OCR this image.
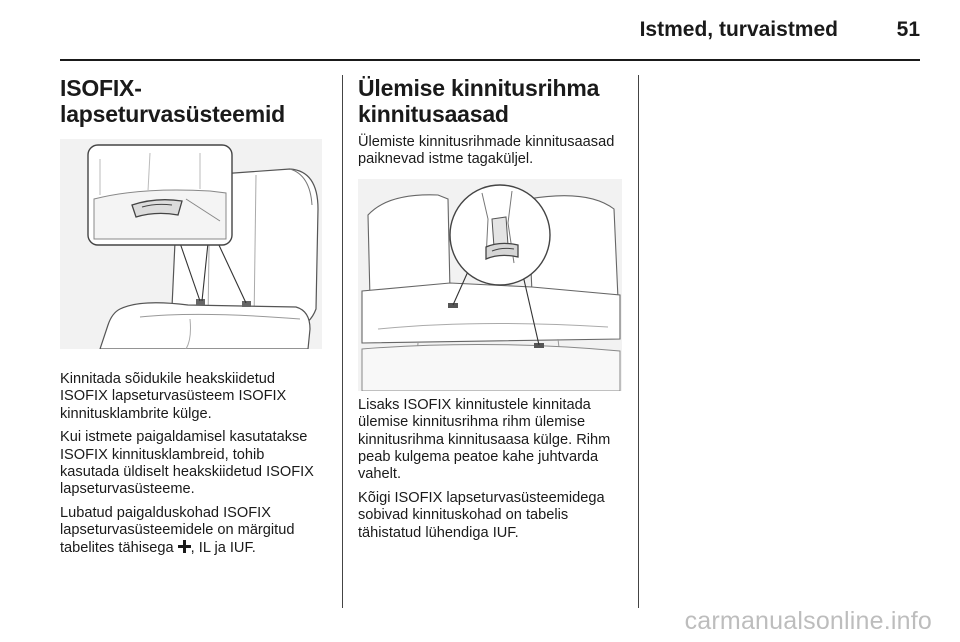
Istmed, turvaistmed	51
ISOFIX-lapseturvasüsteemid

Kinnitada sõidukile heakskiidetud ISOFIX lapseturvasüsteem ISOFIX kinnitusklambrite külge.

Kui istmete paigaldamisel kasutatakse ISOFIX kinnitusklambreid, tohib kasutada üldiselt heakskiidetud ISOFIX lapseturvasüsteeme.

Lubatud paigalduskohad ISOFIX lapseturvasüsteemidele on märgitud tabelites tähisega , IL ja IUF.

Ülemise kinnitusrihma kinnitusaasad

Ülemiste kinnitusrihmade kinnitusaasad paiknevad istme tagaküljel.

Lisaks ISOFIX kinnitustele kinnitada ülemise kinnitusrihma rihm ülemise kinnitusrihma kinnitusaasa külge. Rihm peab kulgema peatoe kahe juhtvarda vahelt.

Kõigi ISOFIX lapseturvasüsteemidega sobivad kinnituskohad on tabelis tähistatud lühendiga IUF.

carmanualsonline.info
